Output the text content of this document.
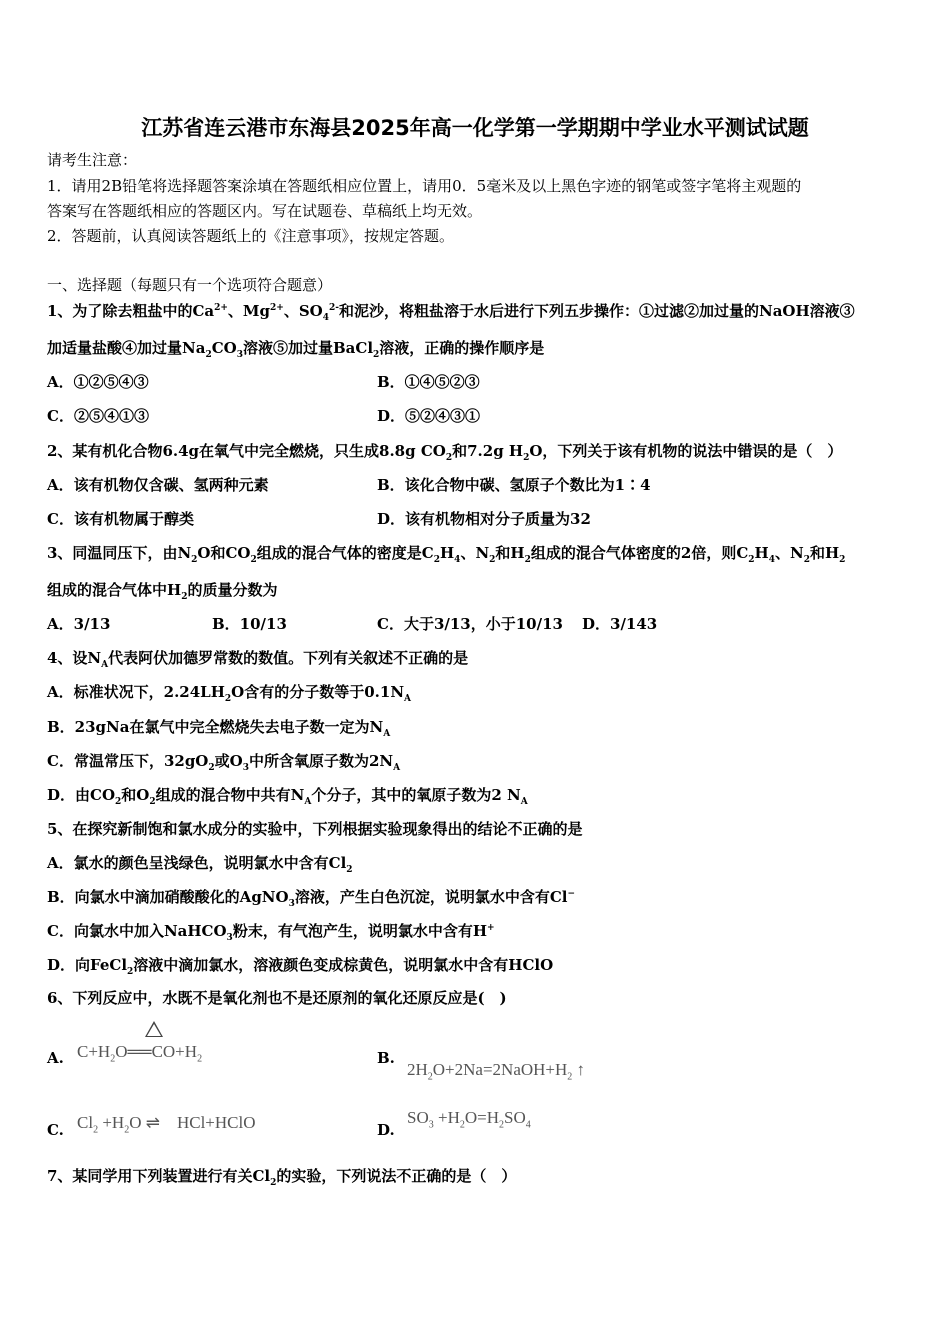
江苏省连云港市东海县2025年高一化学第一学期期中学业水平测试试题
请考生注意：
1．请用2B铅笔将选择题答案涂填在答题纸相应位置上，请用0．5毫米及以上黑色字迹的钢笔或签字笔将主观题的
答案写在答题纸相应的答题区内。写在试题卷、草稿纸上均无效。
2．答题前，认真阅读答题纸上的《注意事项》，按规定答题。
一、选择题（每题只有一个选项符合题意）
1、为了除去粗盐中的$Ca^{2+}$、$Mg^{2+}$、$SO_4^{2-}$和泥沙，将粗盐溶于水后进行下列五步操作：①过滤②加过量的NaOH溶液③
加适量盐酸④加过量$Na_2CO_3$溶液⑤加过量BaCl$_2$溶液，正确的操作顺序是
A．①②⑤④③	B．①④⑤②③
C．②⑤④①③	D．⑤②④③①
2、某有机化合物6.4g在氧气中完全燃烧，只生成8.8g $CO_2$和7.2g $H_2O$，下列关于该有机物的说法中错误的是（　）
A．该有机物仅含碳、氢两种元素	B．该化合物中碳、氢原子个数比为1∶4
C．该有机物属于醇类	D．该有机物相对分子质量为32
3、同温同压下，由$N_2O$和$CO_2$组成的混合气体的密度是$C_2H_4$、$N_2$和$H_2$组成的混合气体密度的2倍，则$C_2H_4$、$N_2$和$H_2$
组成的混合气体中$H_2$的质量分数为
A．3/13	B．10/13	C．大于3/13，小于10/13 D．3/143
4、设$N_A$代表阿伏加德罗常数的数值。下列有关叙述不正确的是
A．标准状况下，$2.24LH_2O$含有的分子数等于$0.1N_A$
B．23gNa在氯气中完全燃烧失去电子数一定为$N_A$
C．常温常压下，$32gO_2$或$O_3$中所含氧原子数为$2N_A$
D．由$CO_2$和$O_2$组成的混合物中共有$N_A$个分子，其中的氧原子数为2 $N_A$
5、在探究新制饱和氯水成分的实验中，下列根据实验现象得出的结论不正确的是
A．氯水的颜色呈浅绿色，说明氯水中含有$Cl_2$
B．向氯水中滴加硝酸酸化的AgNO$_3$溶液，产生白色沉淀，说明氯水中含有Cl−
C．向氯水中加入NaHCO$_3$粉末，有气泡产生，说明氯水中含有H+
D．向FeCl$_2$溶液中滴加氯水，溶液颜色变成棕黄色，说明氯水中含有HClO
6、下列反应中，水既不是氧化剂也不是还原剂的氧化还原反应是(　)
A.	B.
C.	D.
7、某同学用下列装置进行有关$Cl_2$的实验，下列说法不正确的是（　）
$C+H_2O══CO+H_2$
$2H_2O+2Na=2NaOH+H_2$ ↑
$Cl_2 +H_2O$ ⇌　HCl+HClO	$SO_3 +H_2O=H_2SO_4$
